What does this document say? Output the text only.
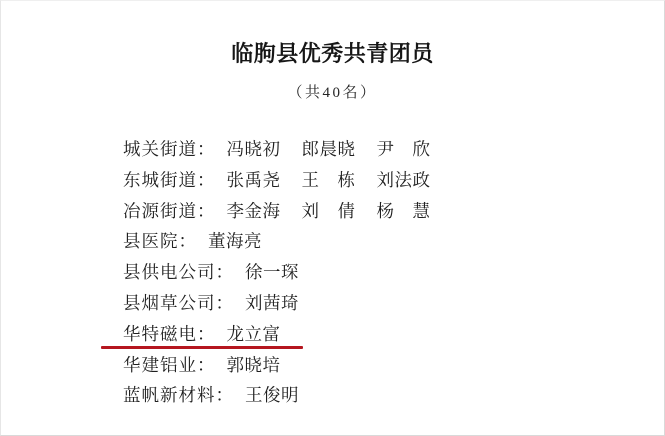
临朐县优秀共青团员
（共40名）
城关街道： 冯晓初 郎晨晓 尹　欣
东城街道： 张禹尧 王　栋 刘法政
冶源街道： 李金海 刘　倩 杨　慧
县医院： 董海亮
县供电公司： 徐一琛
县烟草公司： 刘茜琦
华特磁电： 龙立富
华建铝业： 郭晓培
蓝帆新材料： 王俊明
